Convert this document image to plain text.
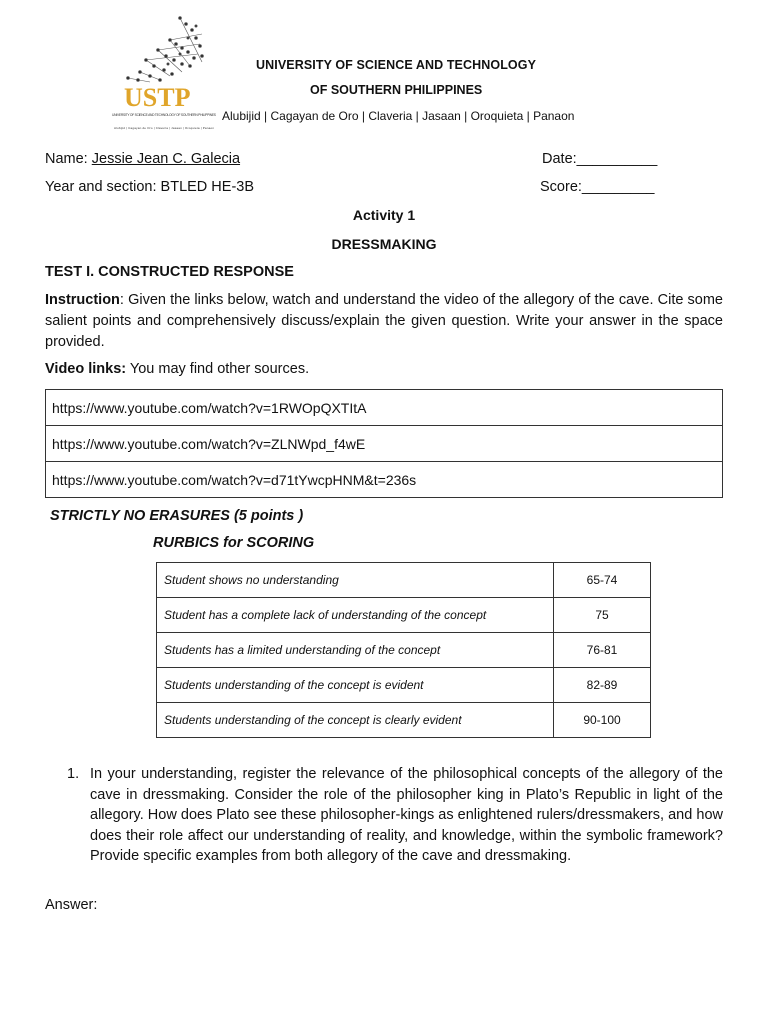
USTP
UNIVERSITY OF SCIENCE AND TECHNOLOGY OF SOUTHERN PHILIPPINES
Alubijid | Cagayan de Oro | Claveria | Jasaan | Oroquieta | Panaon
UNIVERSITY OF SCIENCE AND TECHNOLOGY
OF SOUTHERN PHILIPPINES
Alubijid | Cagayan de Oro | Claveria | Jasaan | Oroquieta | Panaon
Name: Jessie Jean C. Galecia	Date:__________
Year and section: BTLED HE-3B	Score:_________
Activity 1
DRESSMAKING
TEST I. CONSTRUCTED RESPONSE
Instruction: Given the links below, watch and understand the video of the allegory of the cave. Cite some salient points and comprehensively discuss/explain the given question. Write your answer in the space provided.
Video links: You may find other sources.
https://www.youtube.com/watch?v=1RWOpQXTItA
https://www.youtube.com/watch?v=ZLNWpd_f4wE
https://www.youtube.com/watch?v=d71tYwcpHNM&t=236s
STRICTLY NO ERASURES (5 points )
RURBICS for SCORING
Student shows no understanding	65-74
Student has a complete lack of understanding of the concept	75
Students has a limited understanding of the concept	76-81
Students understanding of the concept is evident	82-89
Students understanding of the concept is clearly evident	90-100
1. In your understanding, register the relevance of the philosophical concepts of the allegory of the cave in dressmaking. Consider the role of the philosopher king in Plato’s Republic in light of the allegory. How does Plato see these philosopher-kings as enlightened rulers/dressmakers, and how does their role affect our understanding of reality, and knowledge, within the symbolic framework? Provide specific examples from both allegory of the cave and dressmaking.
Answer:
